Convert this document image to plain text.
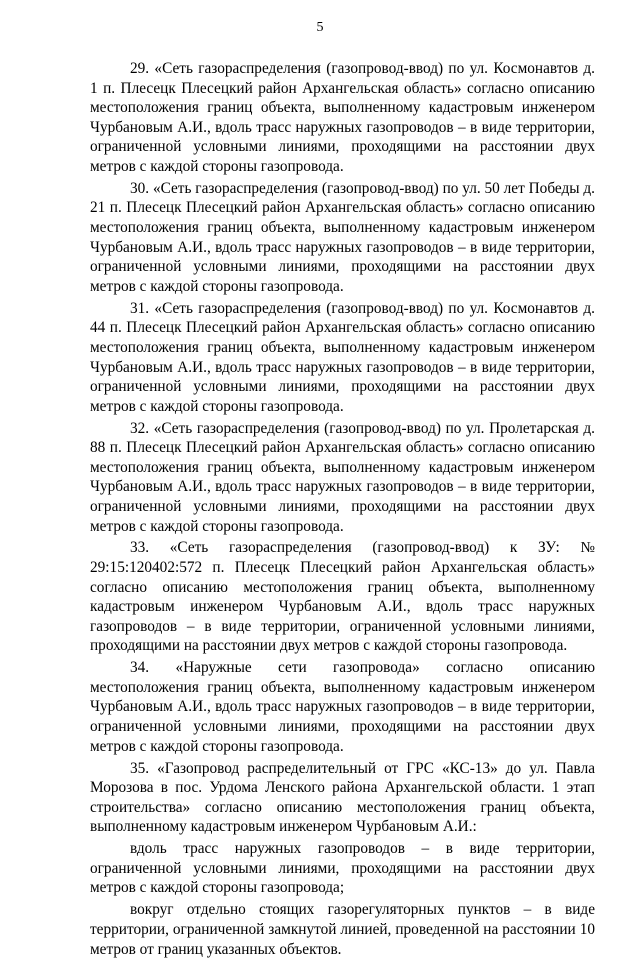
5

29. «Сеть газораспределения (газопровод-ввод) по ул. Космонавтов д. 1 п. Плесецк Плесецкий район Архангельская область» согласно описанию местоположения границ объекта, выполненному кадастровым инженером Чурбановым А.И., вдоль трасс наружных газопроводов – в виде территории, ограниченной условными линиями, проходящими на расстоянии двух метров с каждой стороны газопровода.

30. «Сеть газораспределения (газопровод-ввод) по ул. 50 лет Победы д. 21 п. Плесецк Плесецкий район Архангельская область» согласно описанию местоположения границ объекта, выполненному кадастровым инженером Чурбановым А.И., вдоль трасс наружных газопроводов – в виде территории, ограниченной условными линиями, проходящими на расстоянии двух метров с каждой стороны газопровода.

31. «Сеть газораспределения (газопровод-ввод) по ул. Космонавтов д. 44 п. Плесецк Плесецкий район Архангельская область» согласно описанию местоположения границ объекта, выполненному кадастровым инженером Чурбановым А.И., вдоль трасс наружных газопроводов – в виде территории, ограниченной условными линиями, проходящими на расстоянии двух метров с каждой стороны газопровода.

32. «Сеть газораспределения (газопровод-ввод) по ул. Пролетарская д. 88 п. Плесецк Плесецкий район Архангельская область» согласно описанию местоположения границ объекта, выполненному кадастровым инженером Чурбановым А.И., вдоль трасс наружных газопроводов – в виде территории, ограниченной условными линиями, проходящими на расстоянии двух метров с каждой стороны газопровода.

33. «Сеть газораспределения (газопровод-ввод) к ЗУ: № 29:15:120402:572 п. Плесецк Плесецкий район Архангельская область» согласно описанию местоположения границ объекта, выполненному кадастровым инженером Чурбановым А.И., вдоль трасс наружных газопроводов – в виде территории, ограниченной условными линиями, проходящими на расстоянии двух метров с каждой стороны газопровода.

34. «Наружные сети газопровода» согласно описанию местоположения границ объекта, выполненному кадастровым инженером Чурбановым А.И., вдоль трасс наружных газопроводов – в виде территории, ограниченной условными линиями, проходящими на расстоянии двух метров с каждой стороны газопровода.

35. «Газопровод распределительный от ГРС «КС-13» до ул. Павла Морозова в пос. Урдома Ленского района Архангельской области. 1 этап строительства» согласно описанию местоположения границ объекта, выполненному кадастровым инженером Чурбановым А.И.:

вдоль трасс наружных газопроводов – в виде территории, ограниченной условными линиями, проходящими на расстоянии двух метров с каждой стороны газопровода;

вокруг отдельно стоящих газорегуляторных пунктов – в виде территории, ограниченной замкнутой линией, проведенной на расстоянии 10 метров от границ указанных объектов.
